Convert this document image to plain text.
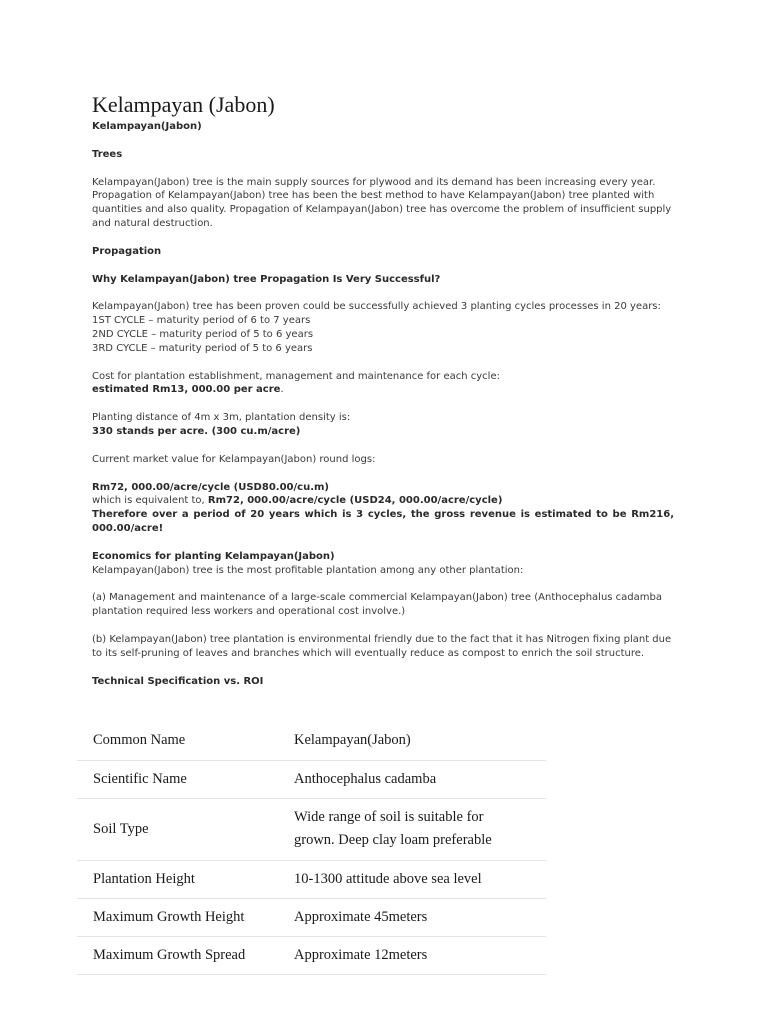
Kelampayan (Jabon)

Kelampayan(Jabon)

Trees

Kelampayan(Jabon) tree is the main supply sources for plywood and its demand has been increasing every year. Propagation of Kelampayan(Jabon) tree has been the best method to have Kelampayan(Jabon) tree planted with quantities and also quality. Propagation of Kelampayan(Jabon) tree has overcome the problem of insufficient supply and natural destruction.

Propagation

Why Kelampayan(Jabon) tree Propagation Is Very Successful?

Kelampayan(Jabon) tree has been proven could be successfully achieved 3 planting cycles processes in 20 years:

1ST CYCLE – maturity period of 6 to 7 years

2ND CYCLE – maturity period of 5 to 6 years

3RD CYCLE – maturity period of 5 to 6 years

Cost for plantation establishment, management and maintenance for each cycle:

estimated Rm13, 000.00 per acre.

Planting distance of 4m x 3m, plantation density is:

330 stands per acre. (300 cu.m/acre)

Current market value for Kelampayan(Jabon) round logs:

Rm72, 000.00/acre/cycle (USD80.00/cu.m)

which is equivalent to, Rm72, 000.00/acre/cycle (USD24, 000.00/acre/cycle)

Therefore over a period of 20 years which is 3 cycles, the gross revenue is estimated to be Rm216, 000.00/acre!

Economics for planting Kelampayan(Jabon)

Kelampayan(Jabon) tree is the most profitable plantation among any other plantation:

(a) Management and maintenance of a large-scale commercial Kelampayan(Jabon) tree (Anthocephalus cadamba plantation required less workers and operational cost involve.)

(b) Kelampayan(Jabon) tree plantation is environmental friendly due to the fact that it has Nitrogen fixing plant due to its self-pruning of leaves and branches which will eventually reduce as compost to enrich the soil structure.

Technical Specification vs. ROI

Common Name	Kelampayan(Jabon)
Scientific Name	Anthocephalus cadamba
Soil Type	Wide range of soil is suitable for grown. Deep clay loam preferable
Plantation Height	10-1300 attitude above sea level
Maximum Growth Height	Approximate 45meters
Maximum Growth Spread	Approximate 12meters
